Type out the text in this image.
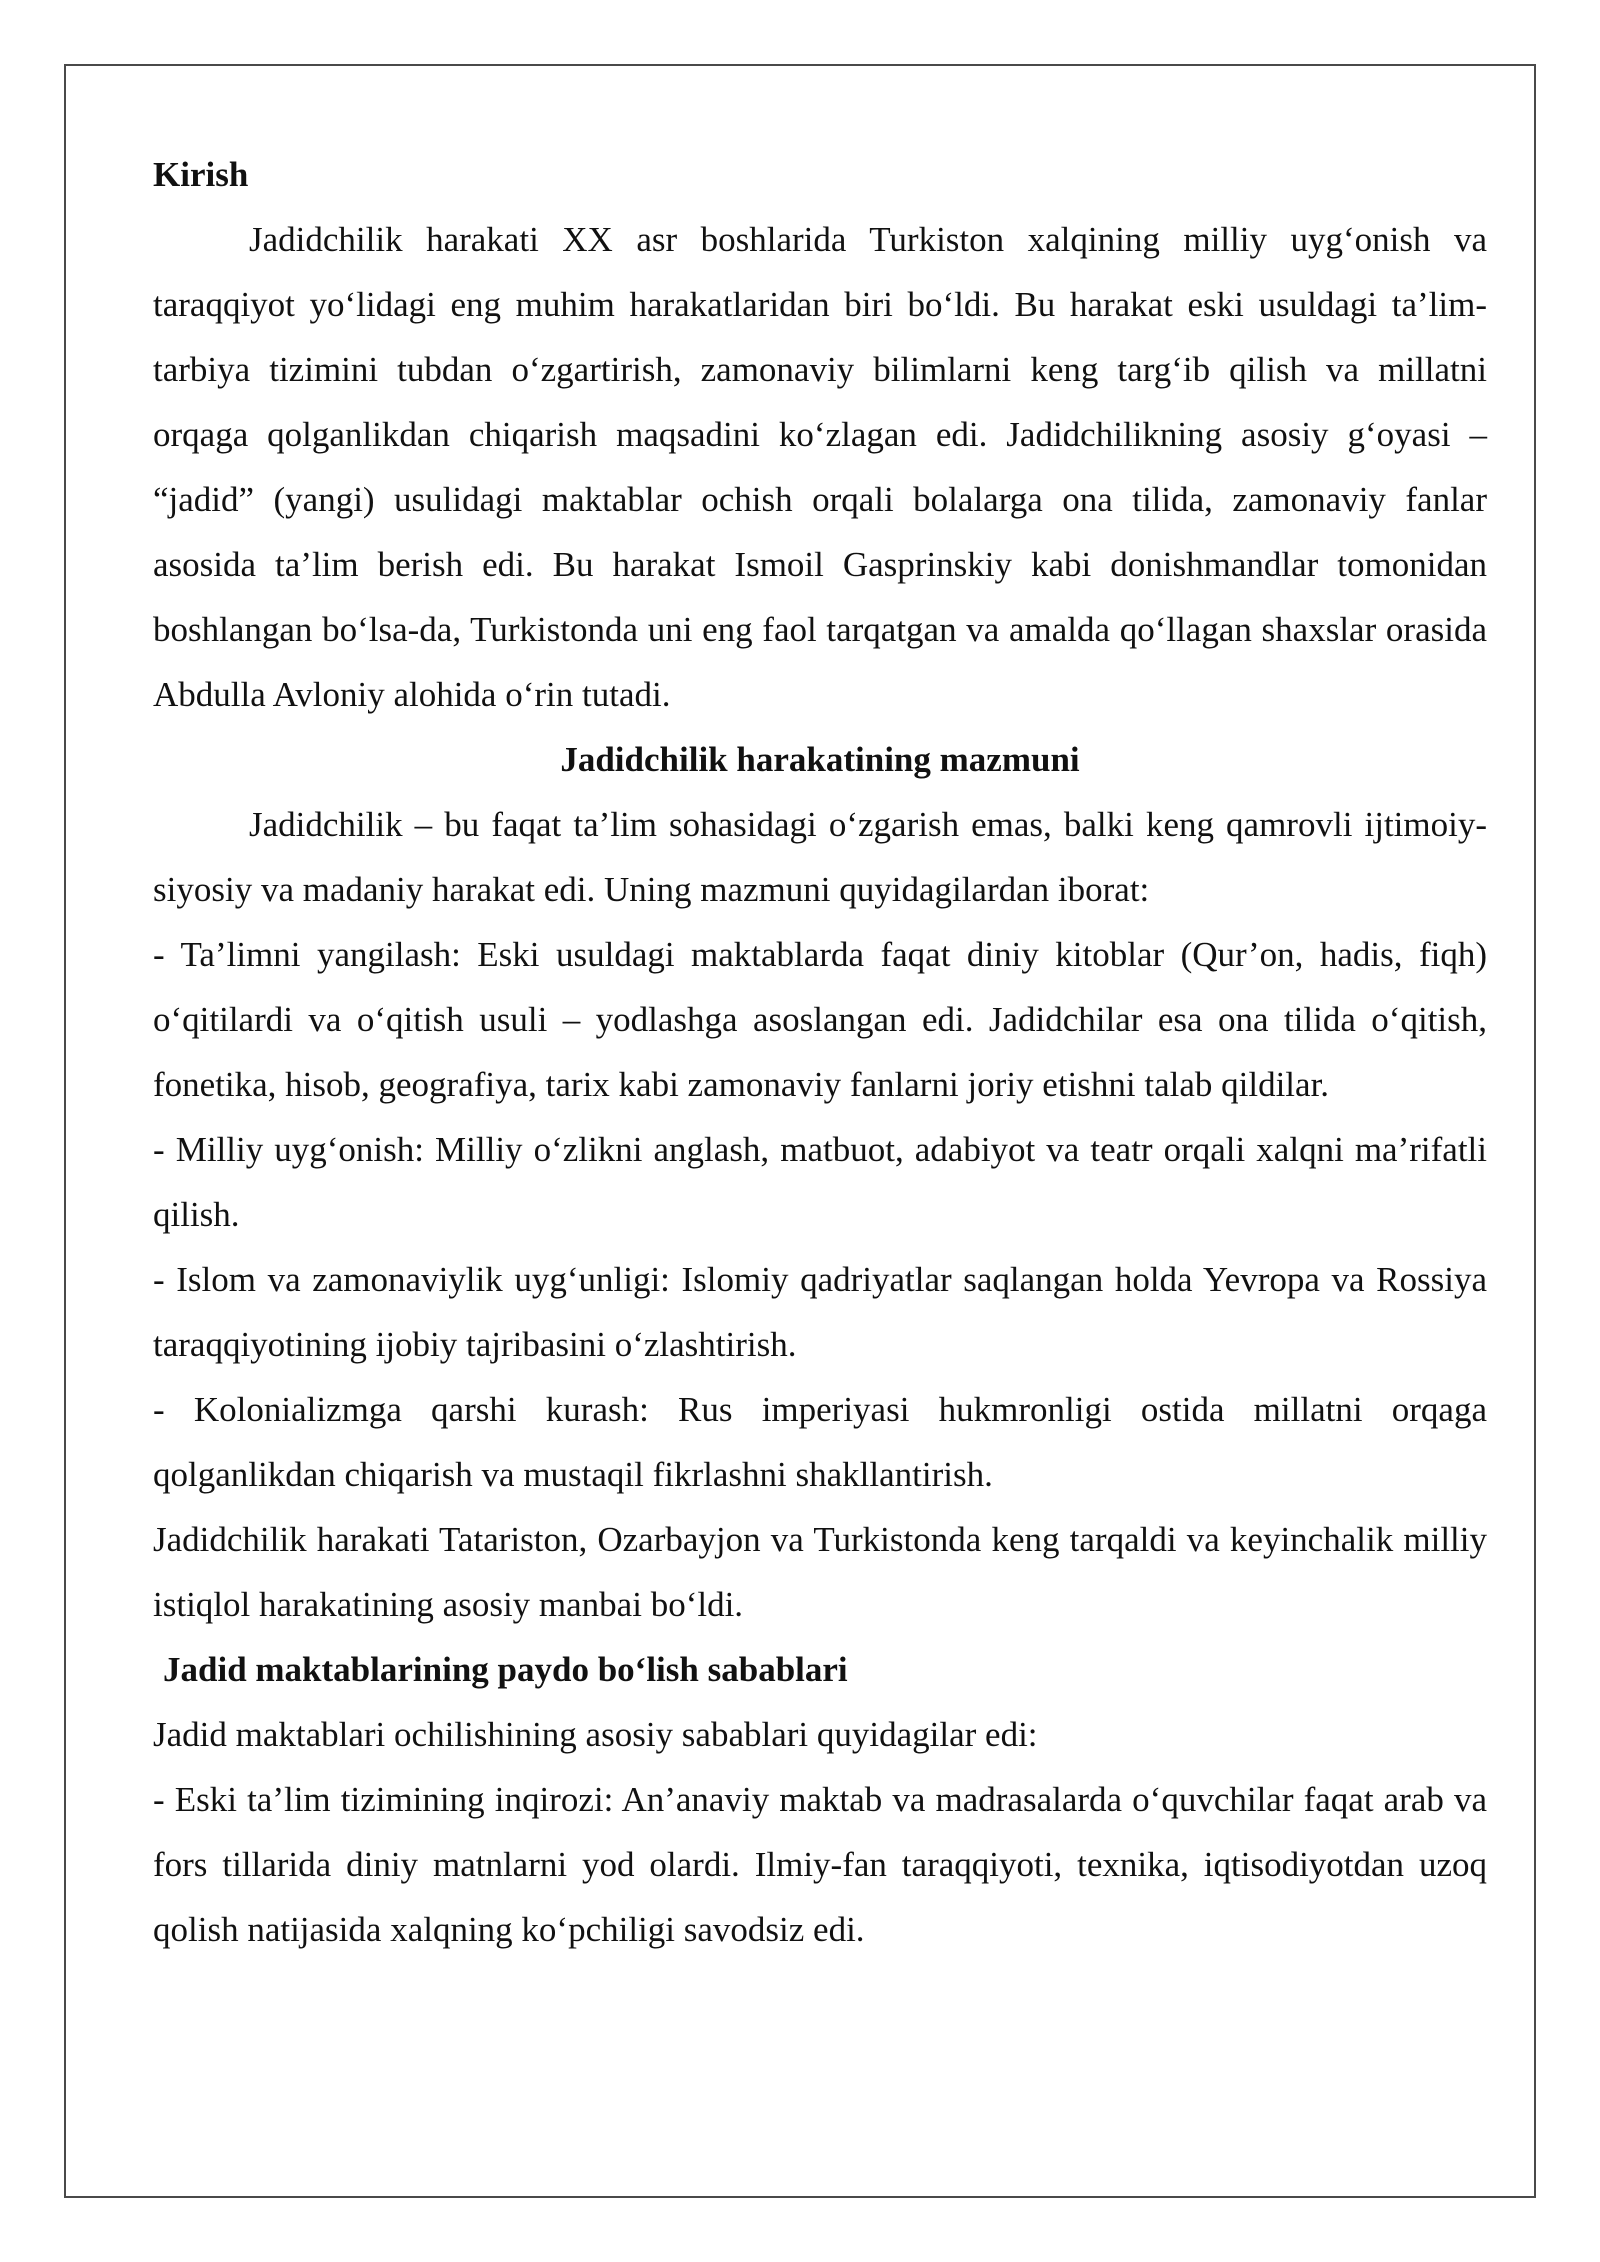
Kirish

Jadidchilik harakati XX asr boshlarida Turkiston xalqining milliy uyg‘onish va taraqqiyot yo‘lidagi eng muhim harakatlaridan biri bo‘ldi. Bu harakat eski usuldagi ta’lim-tarbiya tizimini tubdan o‘zgartirish, zamonaviy bilimlarni keng targ‘ib qilish va millatni orqaga qolganlikdan chiqarish maqsadini ko‘zlagan edi. Jadidchilikning asosiy g‘oyasi – “jadid” (yangi) usulidagi maktablar ochish orqali bolalarga ona tilida, zamonaviy fanlar asosida ta’lim berish edi. Bu harakat Ismoil Gasprinskiy kabi donishmandlar tomonidan boshlangan bo‘lsa-da, Turkistonda uni eng faol tarqatgan va amalda qo‘llagan shaxslar orasida Abdulla Avloniy alohida o‘rin tutadi.

Jadidchilik harakatining mazmuni

Jadidchilik – bu faqat ta’lim sohasidagi o‘zgarish emas, balki keng qamrovli ijtimoiy-siyosiy va madaniy harakat edi. Uning mazmuni quyidagilardan iborat:

- Ta’limni yangilash: Eski usuldagi maktablarda faqat diniy kitoblar (Qur’on, hadis, fiqh) o‘qitilardi va o‘qitish usuli – yodlashga asoslangan edi. Jadidchilar esa ona tilida o‘qitish, fonetika, hisob, geografiya, tarix kabi zamonaviy fanlarni joriy etishni talab qildilar.

- Milliy uyg‘onish: Milliy o‘zlikni anglash, matbuot, adabiyot va teatr orqali xalqni ma’rifatli qilish.

- Islom va zamonaviylik uyg‘unligi: Islomiy qadriyatlar saqlangan holda Yevropa va Rossiya taraqqiyotining ijobiy tajribasini o‘zlashtirish.

- Kolonializmga qarshi kurash: Rus imperiyasi hukmronligi ostida millatni orqaga qolganlikdan chiqarish va mustaqil fikrlashni shakllantirish.

Jadidchilik harakati Tatariston, Ozarbayjon va Turkistonda keng tarqaldi va keyinchalik milliy istiqlol harakatining asosiy manbai bo‘ldi.

Jadid maktablarining paydo bo‘lish sabablari

Jadid maktablari ochilishining asosiy sabablari quyidagilar edi:

- Eski ta’lim tizimining inqirozi: An’anaviy maktab va madrasalarda o‘quvchilar faqat arab va fors tillarida diniy matnlarni yod olardi. Ilmiy-fan taraqqiyoti, texnika, iqtisodiyotdan uzoq qolish natijasida xalqning ko‘pchiligi savodsiz edi.
